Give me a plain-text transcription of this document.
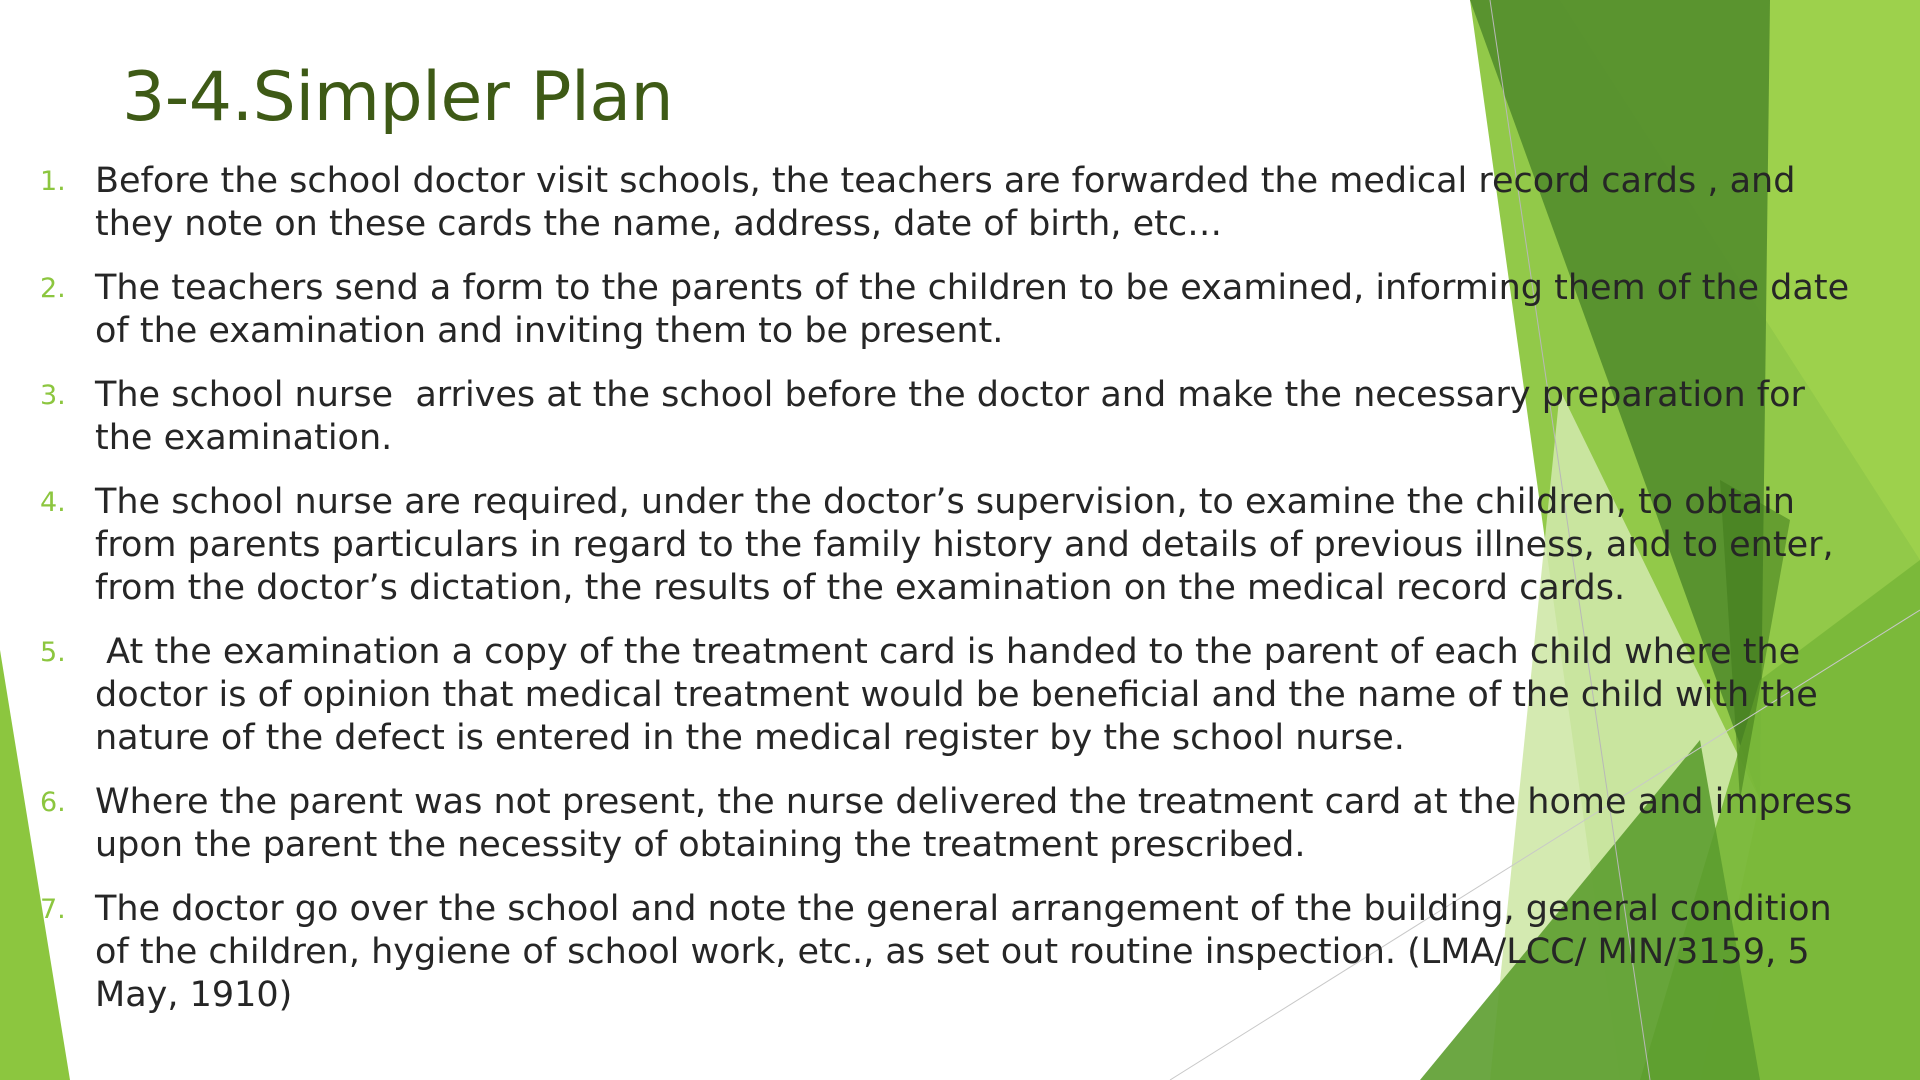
3-4.Simpler Plan
1. Before the school doctor visit schools, the teachers are forwarded the medical record cards , and they note on these cards the name, address, date of birth, etc…
2. The teachers send a form to the parents of the children to be examined, informing them of the date of the examination and inviting them to be present.
3. The school nurse  arrives at the school before the doctor and make the necessary preparation for the examination.
4. The school nurse are required, under the doctor’s supervision, to examine the children, to obtain from parents particulars in regard to the family history and details of previous illness, and to enter, from the doctor’s dictation, the results of the examination on the medical record cards.
5. At the examination a copy of the treatment card is handed to the parent of each child where the doctor is of opinion that medical treatment would be beneficial and the name of the child with the nature of the defect is entered in the medical register by the school nurse.
6. Where the parent was not present, the nurse delivered the treatment card at the home and impress upon the parent the necessity of obtaining the treatment prescribed.
7. The doctor go over the school and note the general arrangement of the building, general condition of the children, hygiene of school work, etc., as set out routine inspection. (LMA/LCC/ MIN/3159, 5 May, 1910)
